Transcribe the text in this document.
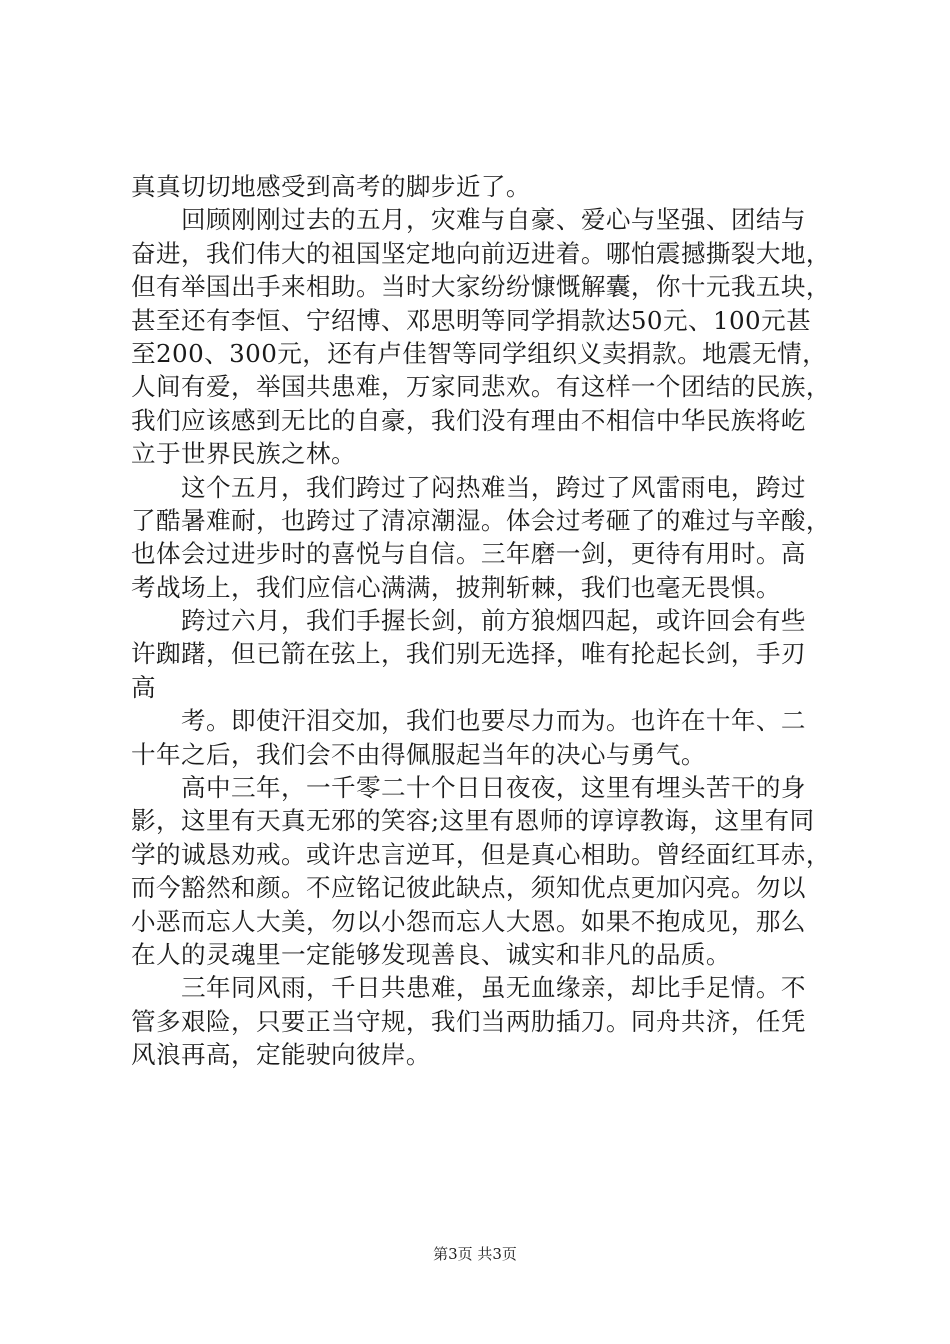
真真切切地感受到高考的脚步近了。
回顾刚刚过去的五月，灾难与自豪、爱心与坚强、团结与
奋进，我们伟大的祖国坚定地向前迈进着。哪怕震撼撕裂大地，
但有举国出手来相助。当时大家纷纷慷慨解囊，你十元我五块，
甚至还有李恒、宁绍博、邓思明等同学捐款达50元、100元甚
至200、300元，还有卢佳智等同学组织义卖捐款。地震无情，
人间有爱，举国共患难，万家同悲欢。有这样一个团结的民族，
我们应该感到无比的自豪，我们没有理由不相信中华民族将屹
立于世界民族之林。
这个五月，我们跨过了闷热难当，跨过了风雷雨电，跨过
了酷暑难耐，也跨过了清凉潮湿。体会过考砸了的难过与辛酸，
也体会过进步时的喜悦与自信。三年磨一剑，更待有用时。高
考战场上，我们应信心满满，披荆斩棘，我们也毫无畏惧。
跨过六月，我们手握长剑，前方狼烟四起，或许回会有些
许踟躇，但已箭在弦上，我们别无选择，唯有抡起长剑，手刃
高
考。即使汗泪交加，我们也要尽力而为。也许在十年、二
十年之后，我们会不由得佩服起当年的决心与勇气。
高中三年，一千零二十个日日夜夜，这里有埋头苦干的身
影，这里有天真无邪的笑容;这里有恩师的谆谆教诲，这里有同
学的诚恳劝戒。或许忠言逆耳，但是真心相助。曾经面红耳赤，
而今豁然和颜。不应铭记彼此缺点，须知优点更加闪亮。勿以
小恶而忘人大美，勿以小怨而忘人大恩。如果不抱成见，那么
在人的灵魂里一定能够发现善良、诚实和非凡的品质。
三年同风雨，千日共患难，虽无血缘亲，却比手足情。不
管多艰险，只要正当守规，我们当两肋插刀。同舟共济，任凭
风浪再高，定能驶向彼岸。
第3页 共3页
